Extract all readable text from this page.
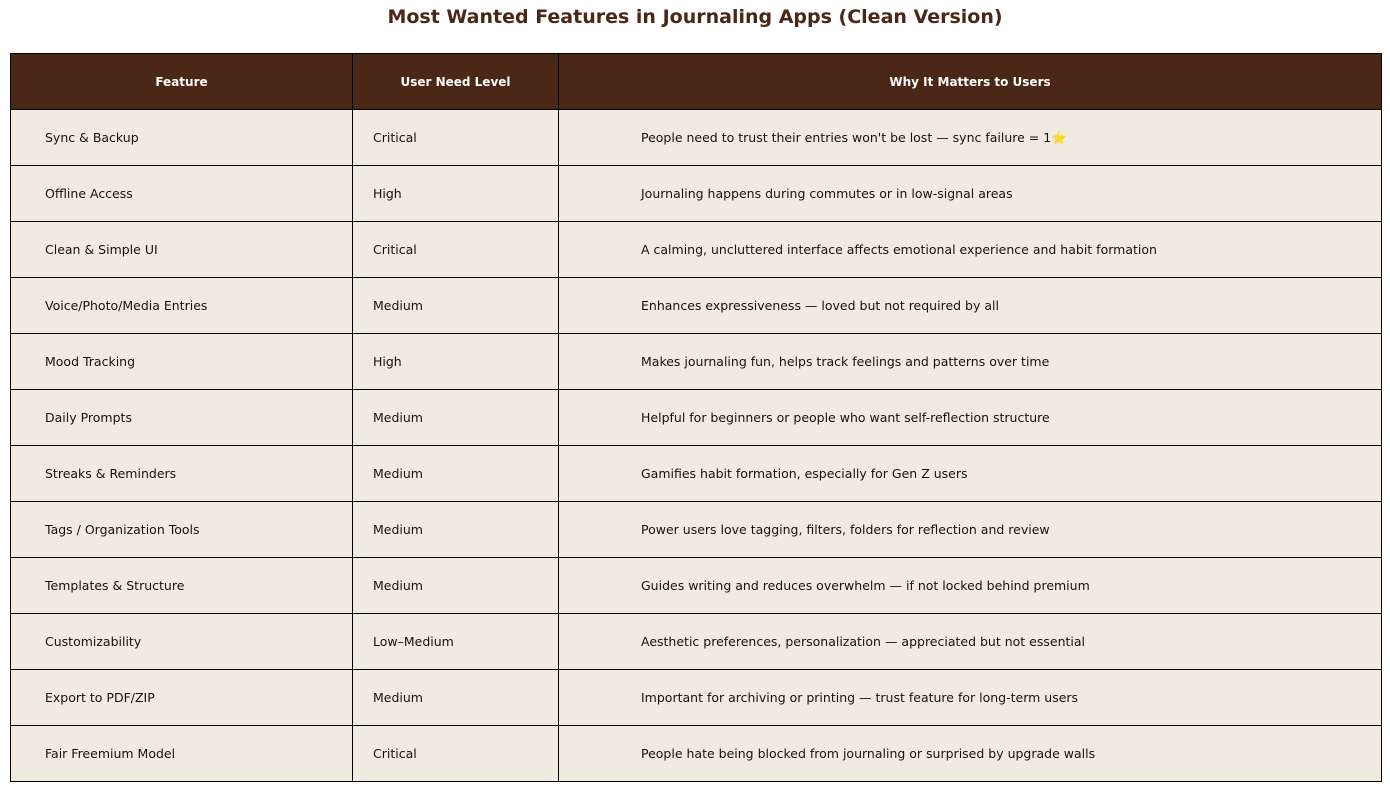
Most Wanted Features in Journaling Apps (Clean Version)
Feature	User Need Level	Why It Matters to Users
Sync & Backup	Critical	People need to trust their entries won't be lost — sync failure = 1⭐
Offline Access	High	Journaling happens during commutes or in low-signal areas
Clean & Simple UI	Critical	A calming, uncluttered interface affects emotional experience and habit formation
Voice/Photo/Media Entries	Medium	Enhances expressiveness — loved but not required by all
Mood Tracking	High	Makes journaling fun, helps track feelings and patterns over time
Daily Prompts	Medium	Helpful for beginners or people who want self-reflection structure
Streaks & Reminders	Medium	Gamifies habit formation, especially for Gen Z users
Tags / Organization Tools	Medium	Power users love tagging, filters, folders for reflection and review
Templates & Structure	Medium	Guides writing and reduces overwhelm — if not locked behind premium
Customizability	Low–Medium	Aesthetic preferences, personalization — appreciated but not essential
Export to PDF/ZIP	Medium	Important for archiving or printing — trust feature for long-term users
Fair Freemium Model	Critical	People hate being blocked from journaling or surprised by upgrade walls
